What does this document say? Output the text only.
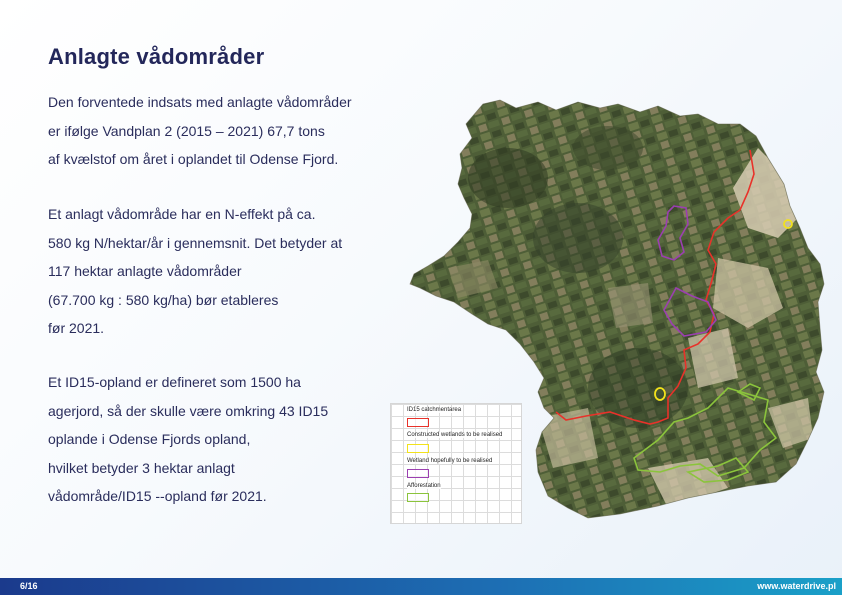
Anlagte vådområder

Den forventede indsats med anlagte vådområder
er ifølge Vandplan 2 (2015 – 2021) 67,7 tons
af kvælstof om året i oplandet til Odense Fjord.

Et anlagt vådområde har en N-effekt på ca.
580 kg N/hektar/år i gennemsnit. Det betyder at
117 hektar anlagte vådområder
(67.700 kg : 580 kg/ha) bør etableres
før 2021.

Et ID15-opland er defineret som 1500 ha
agerjord, så der skulle være omkring 43 ID15
oplande i Odense Fjords opland,
hvilket betyder 3 hektar anlagt
vådområde/ID15 --opland før 2021.

ID15 catchmentarea
Constructed wetlands to be realised
Wetland hopefully to be realised
Afforestation
6/16	www.waterdrive.pl
